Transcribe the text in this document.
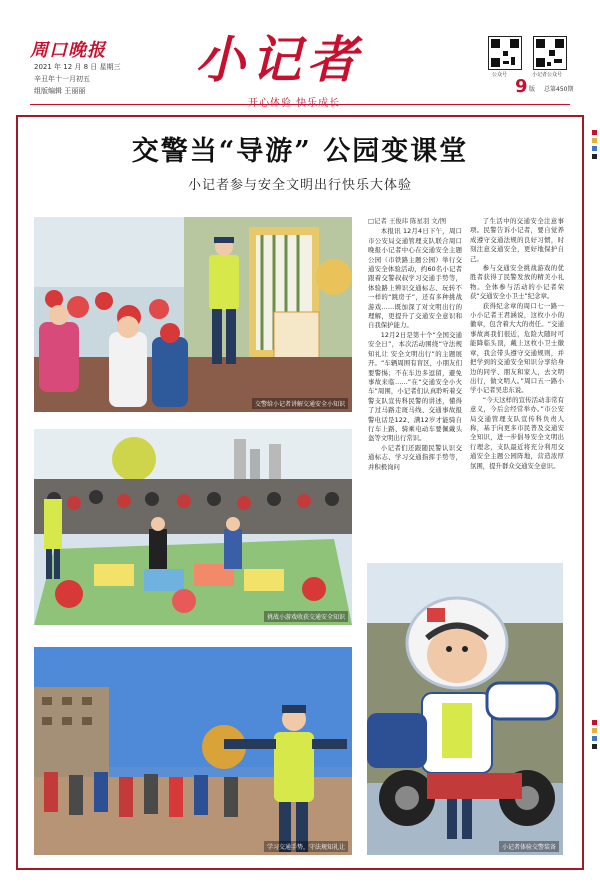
周口晚报
2021 年 12 月 8 日 星期三
辛丑年十一月初五
组版编辑 王丽丽
小记者	公众号	小记者公众号
9 版 总第450期
交警当“导游” 公园变课堂
小记者参与安全文明出行快乐大体验
交警给小记者讲解交通安全小知识
挑战小游戏收获交通安全知识
学习交通手势，守法规知礼让	小记者体验交警装备
□记者 王俊玮 陈星羽 文/图

本报讯 12月4日下午，周口市公安局交通管理支队联合周口晚报小记者中心在交通安全主题公园（市铁路主题公园）举行交通安全体验活动，约60名小记者跟着交警叔叔学习交通手势等，体验路上辨识交通标志、玩转不一样的“跳房子”，还有多种挑战游戏……既加深了对文明出行的理解，更提升了交通安全意识和自我保护能力。

12月2日是第十个“全国交通安全日”，本次活动围绕“守法规知礼让 安全文明出行”的主题展开。“车辆周围有盲区，小朋友们要警惕；不在车边多逗留，避免事故来临……”在“交通安全小火车”周围，小记者们认真聆听着交警支队宣传科民警的讲述，懂得了过马路走斑马线、交通事故报警电话是122、满12岁才能骑自行车上路、骑乘电动车要佩戴头盔等文明出行常识。

小记者们还跟随民警认识交通标志、学习交通指挥手势等，并积极询问

了生活中的交通安全注意事项。民警告诉小记者，要自觉养成遵守交通法规的良好习惯，时刻注意交通安全，更好地保护自己。

参与交通安全挑战游戏的优胜者获得了民警发放的精美小礼物。全体参与活动的小记者荣获“交通安全小卫士”纪念章。

获得纪念章的周口七一路一小小记者王君涵说，这枚小小的徽章，包含着大大的责任。“交通事故离我们很近，危险大随时可能降临头顶，戴上这枚小卫士徽章，我会带头遵守交通规则，并把学到的交通安全知识分享给身边的同学、朋友和家人，去文明出行，做文明人。”周口五一路小学小记者吴忠东说。

“今天这样的宣传活动非常有意义，今后会经常举办。”市公安局交通管理支队宣传科负责人称，基于向更多市民普及交通安全知识，进一步倡导安全文明出行理念，支队最近将充分利用交通安全主题公园阵地，营造浓厚氛围，提升群众交通安全意识。
